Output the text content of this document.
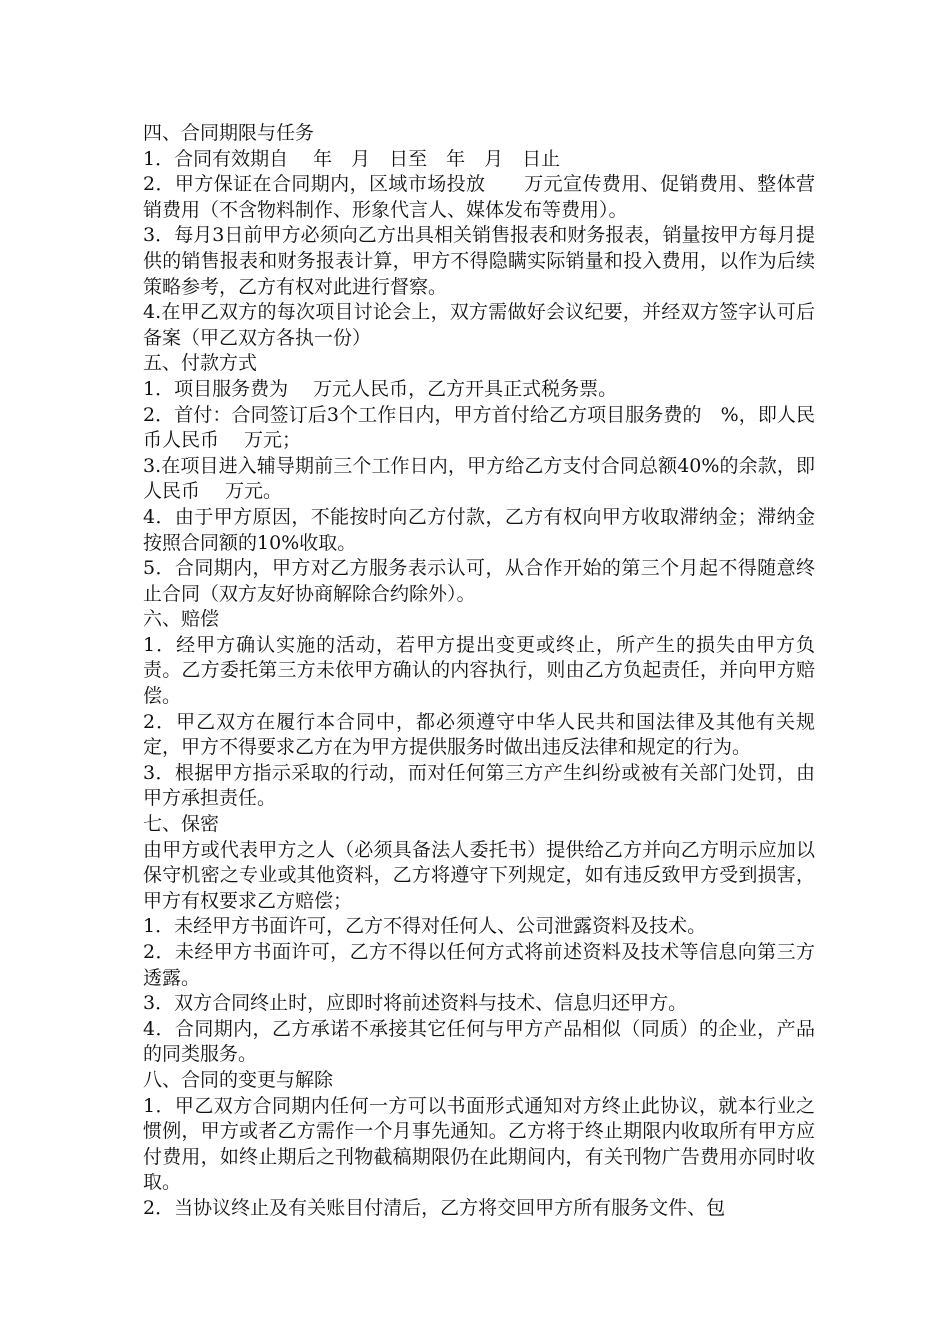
四、合同期限与任务

1．合同有效期自　 年　月　日至　年　月　日止

2．甲方保证在合同期内，区域市场投放　　万元宣传费用、促销费用、整体营销费用（不含物料制作、形象代言人、媒体发布等费用）。

3．每月3日前甲方必须向乙方出具相关销售报表和财务报表，销量按甲方每月提供的销售报表和财务报表计算，甲方不得隐瞒实际销量和投入费用，以作为后续策略参考，乙方有权对此进行督察。

4.在甲乙双方的每次项目讨论会上，双方需做好会议纪要，并经双方签字认可后备案（甲乙双方各执一份）

五、付款方式

1．项目服务费为　 万元人民币，乙方开具正式税务票。

2．首付：合同签订后3个工作日内，甲方首付给乙方项目服务费的　%，即人民币人民币　 万元；

3.在项目进入辅导期前三个工作日内，甲方给乙方支付合同总额40%的余款，即人民币　 万元。

4．由于甲方原因，不能按时向乙方付款，乙方有权向甲方收取滞纳金；滞纳金按照合同额的10%收取。

5．合同期内，甲方对乙方服务表示认可，从合作开始的第三个月起不得随意终止合同（双方友好协商解除合约除外）。

六、赔偿

1．经甲方确认实施的活动，若甲方提出变更或终止，所产生的损失由甲方负责。乙方委托第三方未依甲方确认的内容执行，则由乙方负起责任，并向甲方赔偿。

2．甲乙双方在履行本合同中，都必须遵守中华人民共和国法律及其他有关规定，甲方不得要求乙方在为甲方提供服务时做出违反法律和规定的行为。

3．根据甲方指示采取的行动，而对任何第三方产生纠纷或被有关部门处罚，由甲方承担责任。

七、保密

由甲方或代表甲方之人（必须具备法人委托书）提供给乙方并向乙方明示应加以保守机密之专业或其他资料，乙方将遵守下列规定，如有违反致甲方受到损害，甲方有权要求乙方赔偿；

1．未经甲方书面许可，乙方不得对任何人、公司泄露资料及技术。

2．未经甲方书面许可，乙方不得以任何方式将前述资料及技术等信息向第三方透露。

3．双方合同终止时，应即时将前述资料与技术、信息归还甲方。

4．合同期内，乙方承诺不承接其它任何与甲方产品相似（同质）的企业，产品的同类服务。

八、合同的变更与解除

1．甲乙双方合同期内任何一方可以书面形式通知对方终止此协议，就本行业之惯例，甲方或者乙方需作一个月事先通知。乙方将于终止期限内收取所有甲方应付费用，如终止期后之刊物截稿期限仍在此期间内，有关刊物广告费用亦同时收取。

2．当协议终止及有关账目付清后，乙方将交回甲方所有服务文件、包
